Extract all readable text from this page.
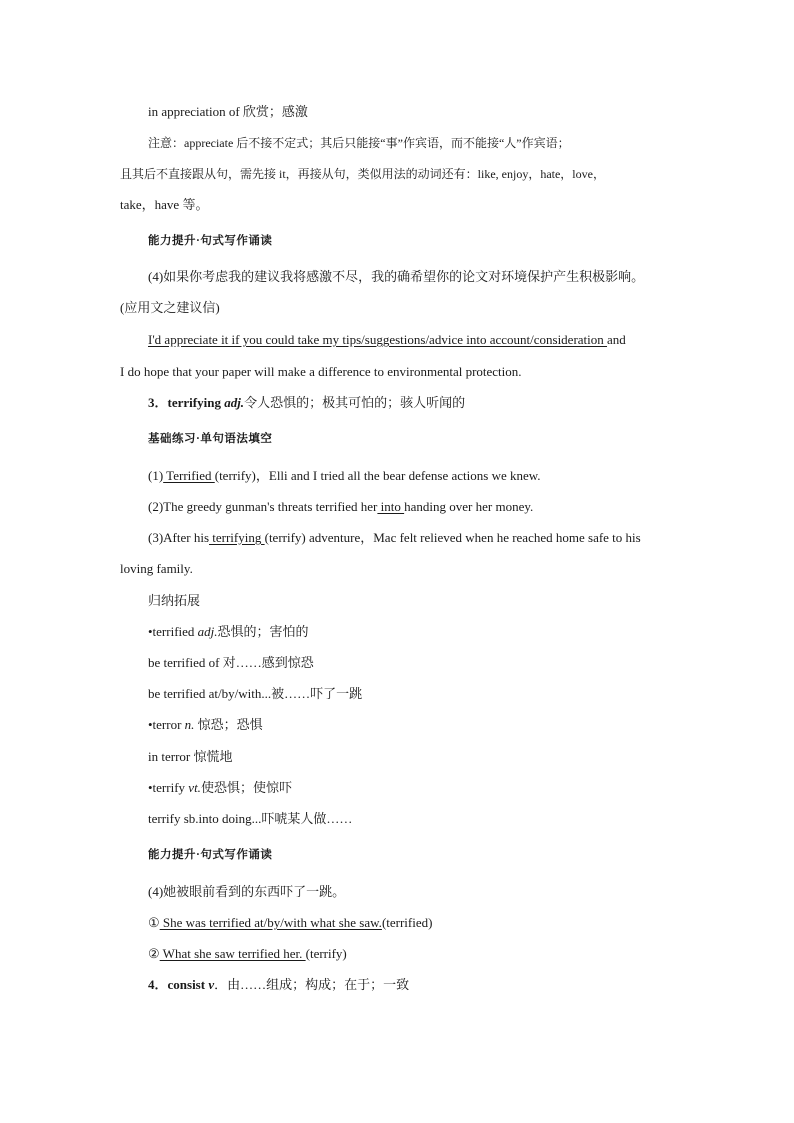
in appreciation of 欣赏；感激
注意：appreciate 后不接不定式；其后只能接“事”作宾语，而不能接“人”作宾语；
且其后不直接跟从句，需先接 it，再接从句，类似用法的动词还有：like, enjoy，hate，love，
take，have 等。
能力提升·句式写作诵读
(4)如果你考虑我的建议我将感激不尽，我的确希望你的论文对环境保护产生积极影响。
(应用文之建议信)
I'd appreciate it if you could take my tips/suggestions/advice into account/consideration and
I do hope that your paper will make a difference to environmental protection.
3．terrifying adj.令人恐惧的；极其可怕的；骇人听闻的
基础练习·单句语法填空
(1) Terrified (terrify)，Elli and I tried all the bear defense actions we knew.
(2)The greedy gunman's threats terrified her into handing over her money.
(3)After his terrifying (terrify) adventure，Mac felt relieved when he reached home safe to his
loving family.
归纳拓展
•terrified adj.恐惧的；害怕的
be terrified of 对……感到惊恐
be terrified at/by/with...被……吓了一跳
•terror n. 惊恐；恐惧
in terror 惊慌地
•terrify vt.使恐惧；使惊吓
terrify sb.into doing...吓唬某人做……
能力提升·句式写作诵读
(4)她被眼前看到的东西吓了一跳。
① She was terrified at/by/with what she saw.(terrified)
② What she saw terrified her. (terrify)
4．consist v．由……组成；构成；在于；一致
